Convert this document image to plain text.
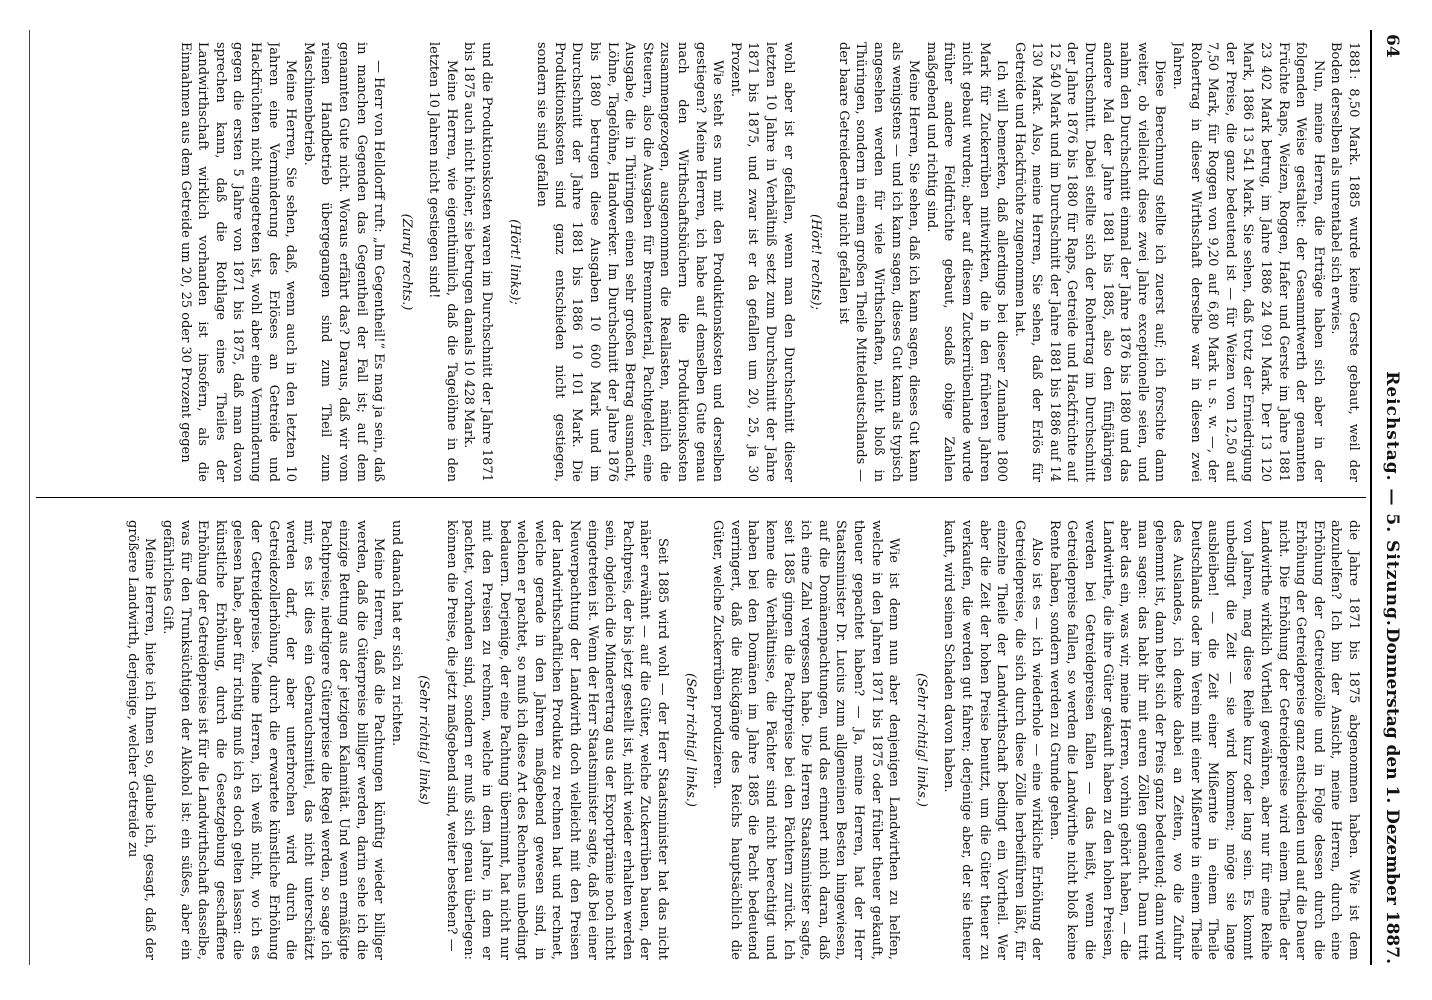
64
Reichstag. — 5. Sitzung.
Donnerstag den 1. Dezember 1887.

1881: 8,50 Mark. 1885 wurde keine Gerste gebaut, weil der Boden derselben als unrentabel sich erwies.

Nun, meine Herren, die Erträge haben sich aber in der folgenden Weise gestaltet: der Gesammtwerth der genannten Früchte Raps, Weizen, Roggen, Hafer und Gerste im Jahre 1881 23 402 Mark betrug, im Jahre 1886 24 091 Mark. Der 13 120 Mark, 1886 13 541 Mark. Sie sehen, daß trotz der Erniedrigung der Preise, die ganz bedeutend ist — für Weizen von 12,50 auf 7,50 Mark, für Roggen von 9,20 auf 6,80 Mark u. s. w. —, der Rohertrag in dieser Wirthschaft derselbe war in diesen zwei Jahren.

Diese Berechnung stellte ich zuerst auf; ich forschte dann weiter, ob vielleicht diese zwei Jahre exceptionelle seien, und nahm den Durchschnitt einmal der Jahre 1876 bis 1880 und das andere Mal der Jahre 1881 bis 1885, also den fünfjährigen Durchschnitt. Dabei stellte sich der Rohertrag im Durchschnitt der Jahre 1876 bis 1880 für Raps, Getreide und Hackfrüchte auf 12 540 Mark und im Durchschnitt der Jahre 1881 bis 1886 auf 14 130 Mark. Also, meine Herren, Sie sehen, daß der Erlös für Getreide und Hackfrüchte zugenommen hat.

Ich will bemerken, daß allerdings bei dieser Zunahme 1800 Mark für Zuckerrüben mitwirkten, die in den früheren Jahren nicht gebaut wurden; aber auf diesem Zuckerrübenlande wurde früher andere Feldfrüchte gebaut, sodaß obige Zahlen maßgebend und richtig sind.

Meine Herren, Sie sehen, daß ich kann sagen, dieses Gut kann als wenigstens — und ich kann sagen, dieses Gut kann als typisch angesehen werden für viele Wirthschaften, nicht bloß in Thüringen, sondern in einem großen Theile Mitteldeutschlands — der baare Getreideertrag nicht gefallen ist

(Hört! rechts);

wohl aber ist er gefallen, wenn man den Durchschnitt dieser letzten 10 Jahre in Verhältniß setzt zum Durchschnitt der Jahre 1871 bis 1875, und zwar ist er da gefallen um 20, 25, ja 30 Prozent.

Wie steht es nun mit den Produktionskosten und derselben gestiegen? Meine Herren, ich habe auf demselben Gute genau nach den Wirthschaftsbüchern die Produktionskosten zusammengezogen, ausgenommen die Reallasten, nämlich die Steuern, also die Ausgaben für Brennmaterial, Pachtgelder, eine Ausgabe, die in Thüringen einen sehr großen Betrag ausmacht, Löhne, Tagelöhne, Handwerker. Im Durchschnitt der Jahre 1876 bis 1880 betrugen diese Ausgaben 10 600 Mark und im Durchschnitt der Jahre 1881 bis 1886 10 101 Mark. Die Produktionskosten sind ganz entschieden nicht gestiegen, sondern sie sind gefallen

(Hört! links);

und die Produktionskosten waren im Durchschnitt der Jahre 1871 bis 1875 auch nicht höher, sie betrugen damals 10 428 Mark.

Meine Herren, wie eigenthümlich, daß die Tagelöhne in den letzten 10 Jahren nicht gestiegen sind!

(Zuruf rechts.)

— Herr von Helldorff ruft: „Im Gegentheil!“ Es mag ja sein, daß in manchen Gegenden das Gegentheil der Fall ist; auf dem genannten Gute nicht. Woraus erfährt das? Daraus, daß wir vom reinen Handbetrieb übergegangen sind zum Theil zum Maschinenbetrieb.

Meine Herren, Sie sehen, daß, wenn auch in den letzten 10 Jahren eine Verminderung des Erlöses an Getreide und Hackfrüchten nicht eingetreten ist, wohl aber eine Verminderung gegen die ersten 5 Jahre von 1871 bis 1875, daß man davon sprechen kann, daß die Rothlage eines Theiles der Landwirthschaft wirklich vorhanden ist insofern, als die Einnahmen aus dem Getreide um 20, 25 oder 30 Prozent gegen

die Jahre 1871 bis 1875 abgenommen haben. Wie ist dem abzuhelfen? Ich bin der Ansicht, meine Herren, durch eine Erhöhung der Getreidezölle und in Folge dessen durch die Erhöhung der Getreidepreise ganz entschieden und auf die Dauer nicht. Die Erhöhung der Getreidepreise wird einem Theile der Landwirthe wirklich Vortheil gewähren, aber nur für eine Reihe von Jahren, mag diese Reihe kurz oder lang sein. Es kommt unbedingt die Zeit — sie wird kommen; möge sie lange ausbleiben! — die Zeit einer Mißernte in einem Theile Deutschlands oder im Verein mit einer Mißernte in einem Theile des Auslandes, ich denke dabei an Zeiten, wo die Zufuhr gehemmt ist, dann hebt sich der Preis ganz bedeutend; dann wird man sagen: das habt ihr mit euren Zöllen gemacht. Dann tritt aber das ein, was wir, meine Herren, vorhin gehört haben, — die Landwirthe, die ihre Güter gekauft haben zu den hohen Preisen, werden bei Getreidepreisen fallen — das heißt, wenn die Getreidepreise fallen, so werden die Landwirthe nicht bloß keine Rente haben, sondern werden zu Grunde gehen.

Also ist es — ich wiederhole — eine wirkliche Erhöhung der Getreidepreise, die sich durch diese Zölle herbeiführen läßt, für einzelne Theile der Landwirthschaft bedingt ein Vortheil. Wer aber die Zeit der hohen Preise benutzt, um die Güter theuer zu verkaufen, die werden gut fahren; derjenige aber, der sie theuer kauft, wird seinen Schaden davon haben.

(Sehr richtig! links.)

Wie ist denn nun aber denjenigen Landwirthen zu helfen, welche in den Jahren 1871 bis 1875 oder früher theuer gekauft, theuer gepachtet haben? — Ja, meine Herren, hat der Herr Staatsminister Dr. Lucius zum allgemeinen Besten hingewiesen, auf die Domänenpachtungen, und das erinnert mich daran, daß ich eine Zahl vergessen habe. Die Herren Staatsminister sagte, seit 1885 gingen die Pachtpreise bei den Pächtern zurück. Ich kenne die Verhältnisse, die Pächter sind nicht berechtigt und haben bei den Domänen im Jahre 1885 die Pacht bedeutend verringert, daß die Rückgänge des Reichs hauptsächlich die Güter, welche Zuckerrüben produzieren.

(Sehr richtig! links.)

Seit 1885 wird wohl — der Herr Staatsminister hat das nicht näher erwähnt — auf die Güter, welche Zuckerrüben bauen, der Pachtpreis, der bis jetzt gestellt ist, nicht wieder erhalten werden sein, obgleich die Minderertrag aus der Exportprämie noch nicht eingetreten ist. Wenn der Herr Staatsminister sagte, daß bei einer Neuverpachtung der Landwirth doch vielleicht mit den Preisen der landwirthschaftlichen Produkte zu rechnen hat und rechnet, welche gerade in den Jahren maßgebend gewesen sind, in welchen er pachtet, so muß ich diese Art des Rechnens unbedingt bedauern. Derjenige, der eine Pachtung übernimmt, hat nicht nur mit den Preisen zu rechnen, welche in dem Jahre, in dem er pachtet, vorhanden sind, sondern er muß sich genau überlegen: können die Preise, die jetzt maßgebend sind, weiter bestehen? —

(Sehr richtig! links)

und danach hat er sich zu richten.

Meine Herren, daß die Pachtungen künftig wieder billiger werden, daß die Güterpreise billiger werden, darin sehe ich die einzige Rettung aus der jetzigen Kalamität. Und wenn ermäßigte Pachtpreise, niedrigere Güterpreise die Regel werden, so sage ich mir, es ist dies ein Gebrauchsmittel, das nicht unterschätzt werden darf, der aber unterbrochen wird durch die Getreidezollerhöhung, durch die erwartete künstliche Erhöhung der Getreidepreise. Meine Herren, ich weiß nicht, wo ich es gelesen habe, aber für richtig muß ich es doch gelten lassen: die künstliche Erhöhung, durch die Gesetzgebung geschaffene Erhöhung der Getreidepreise ist für die Landwirthschaft dasselbe, was für den Trunksüchtigen der Alkohol ist: ein süßes, aber ein gefährliches Gift.

Meine Herren, hiete ich Ihnen so, glaube ich, gesagt, daß der größere Landwirth, derjenige, welcher Getreide zu
